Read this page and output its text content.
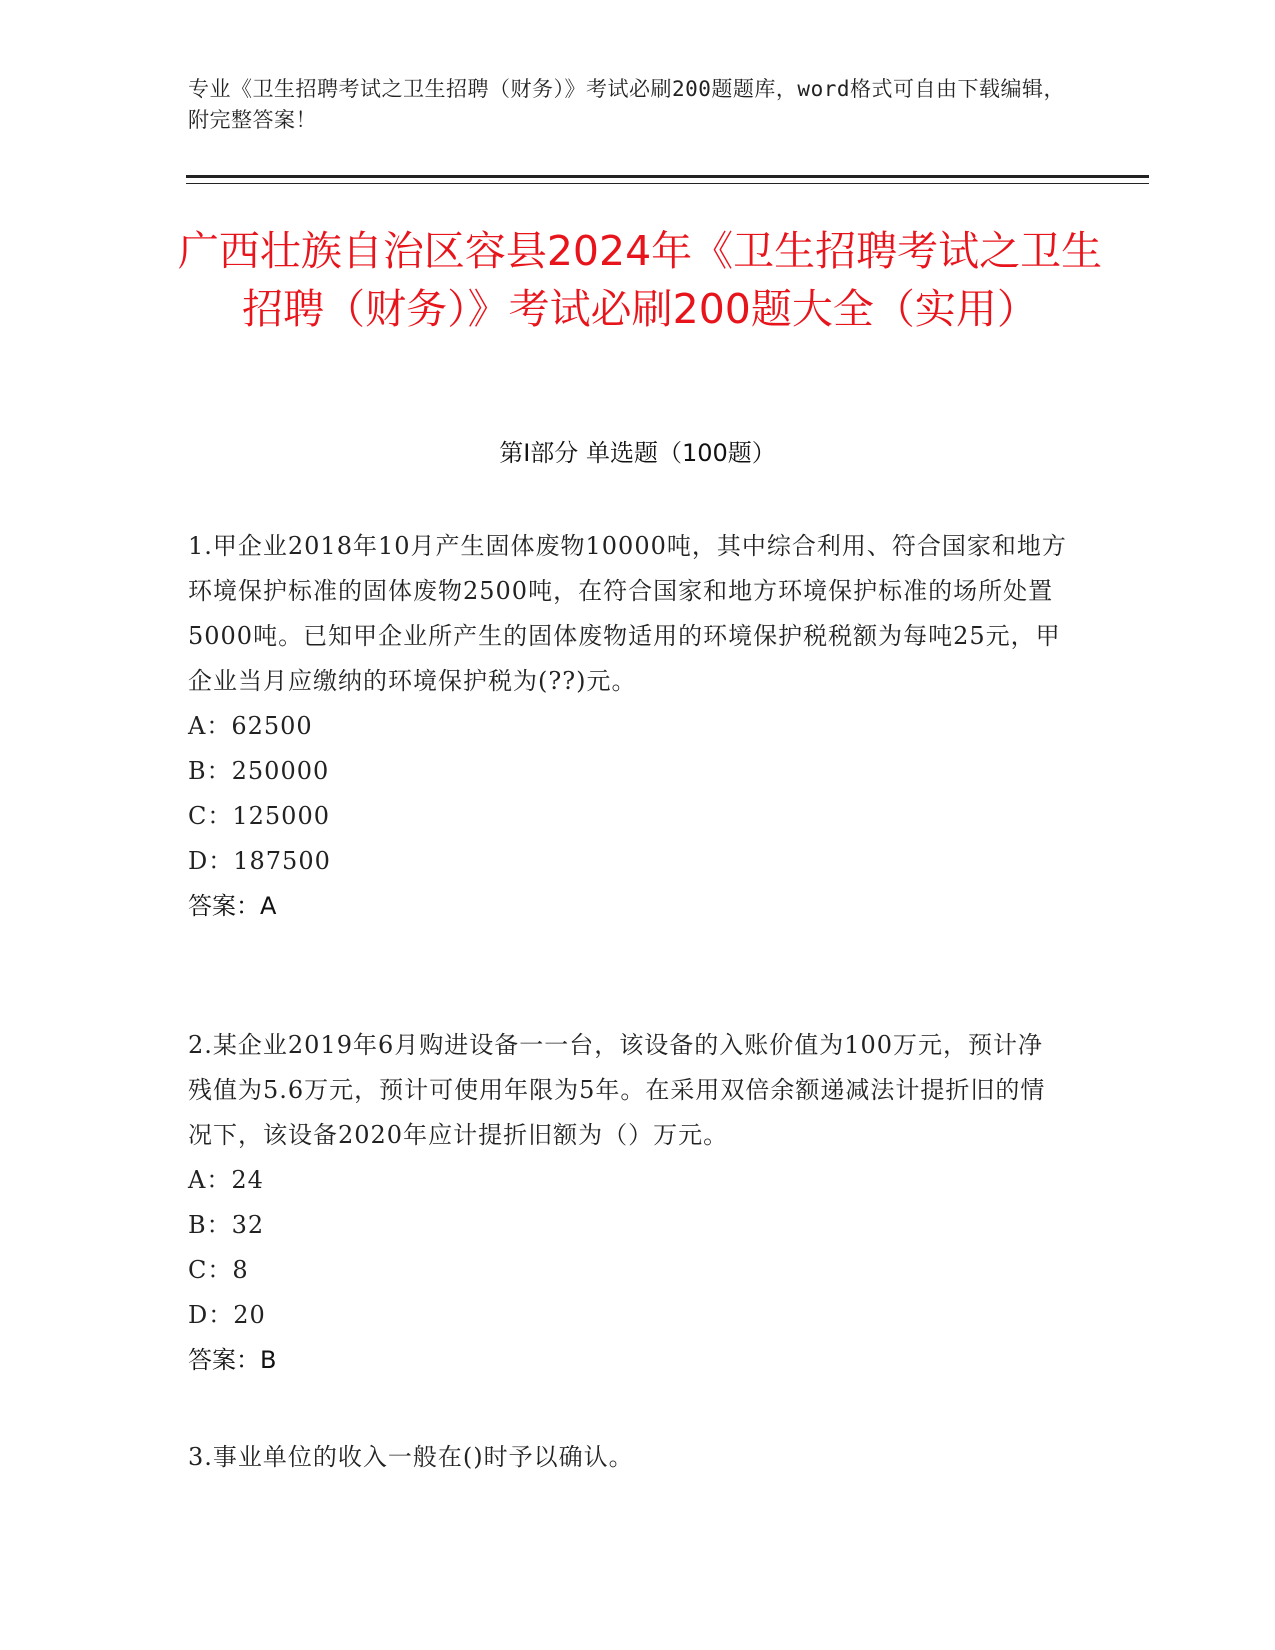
专业《卫生招聘考试之卫生招聘（财务）》考试必刷200题题库，word格式可自由下载编辑，附完整答案！
广西壮族自治区容县2024年《卫生招聘考试之卫生招聘（财务）》考试必刷200题大全（实用）
第I部分 单选题（100题）

1.甲企业2018年10月产生固体废物10000吨，其中综合利用、符合国家和地方环境保护标准的固体废物2500吨，在符合国家和地方环境保护标准的场所处置5000吨。已知甲企业所产生的固体废物适用的环境保护税税额为每吨25元，甲企业当月应缴纳的环境保护税为(??)元。

A：62500

B：250000

C：125000

D：187500

答案：A

2.某企业2019年6月购进设备一一台，该设备的入账价值为100万元，预计净残值为5.6万元，预计可使用年限为5年。在采用双倍余额递减法计提折旧的情况下，该设备2020年应计提折旧额为（）万元。

A：24

B：32

C：8

D：20

答案：B

3.事业单位的收入一般在()时予以确认。
